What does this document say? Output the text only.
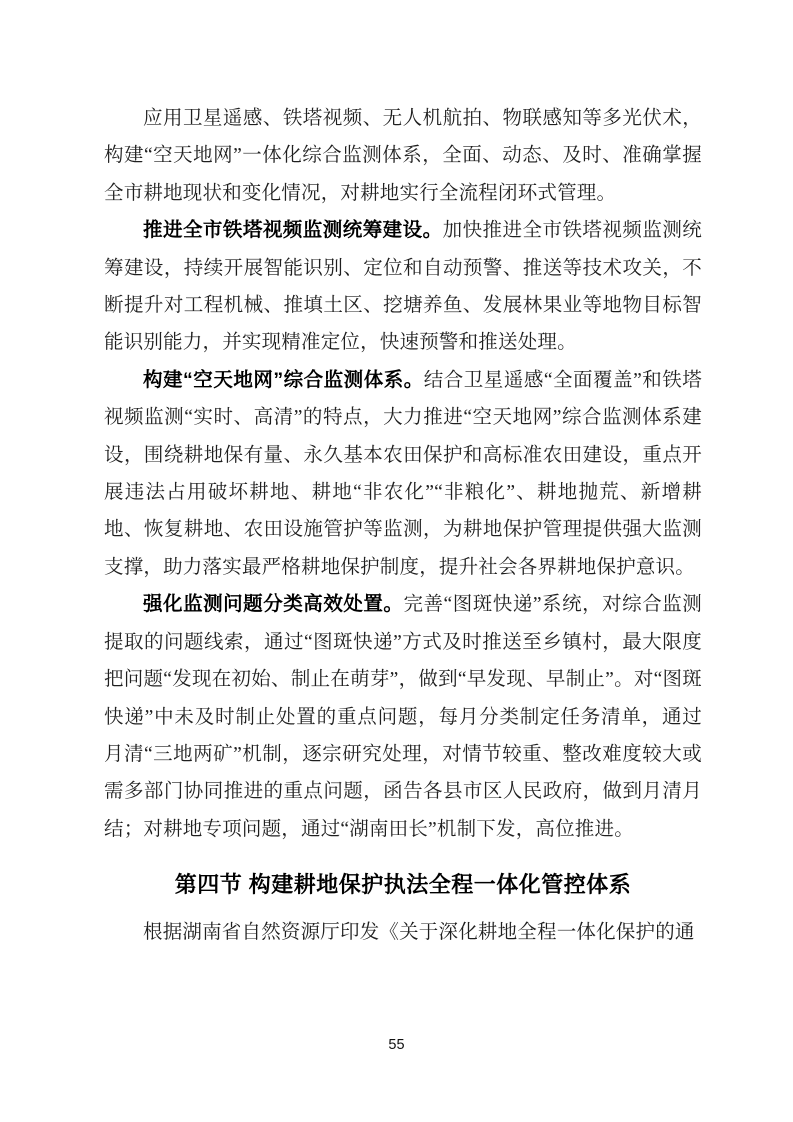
应用卫星遥感、铁塔视频、无人机航拍、物联感知等多光伏术，构建“空天地网”一体化综合监测体系，全面、动态、及时、准确掌握全市耕地现状和变化情况，对耕地实行全流程闭环式管理。

推进全市铁塔视频监测统筹建设。加快推进全市铁塔视频监测统筹建设，持续开展智能识别、定位和自动预警、推送等技术攻关，不断提升对工程机械、推填土区、挖塘养鱼、发展林果业等地物目标智能识别能力，并实现精准定位，快速预警和推送处理。

构建“空天地网”综合监测体系。结合卫星遥感“全面覆盖”和铁塔视频监测“实时、高清”的特点，大力推进“空天地网”综合监测体系建设，围绕耕地保有量、永久基本农田保护和高标准农田建设，重点开展违法占用破坏耕地、耕地“非农化”“非粮化”、耕地抛荒、新增耕地、恢复耕地、农田设施管护等监测，为耕地保护管理提供强大监测支撑，助力落实最严格耕地保护制度，提升社会各界耕地保护意识。

强化监测问题分类高效处置。完善“图斑快递”系统，对综合监测提取的问题线索，通过“图斑快递”方式及时推送至乡镇村，最大限度把问题“发现在初始、制止在萌芽”，做到“早发现、早制止”。对“图斑快递”中未及时制止处置的重点问题，每月分类制定任务清单，通过月清“三地两矿”机制，逐宗研究处理，对情节较重、整改难度较大或需多部门协同推进的重点问题，函告各县市区人民政府，做到月清月结；对耕地专项问题，通过“湖南田长”机制下发，高位推进。

第四节 构建耕地保护执法全程一体化管控体系

根据湖南省自然资源厅印发《关于深化耕地全程一体化保护的通

55
